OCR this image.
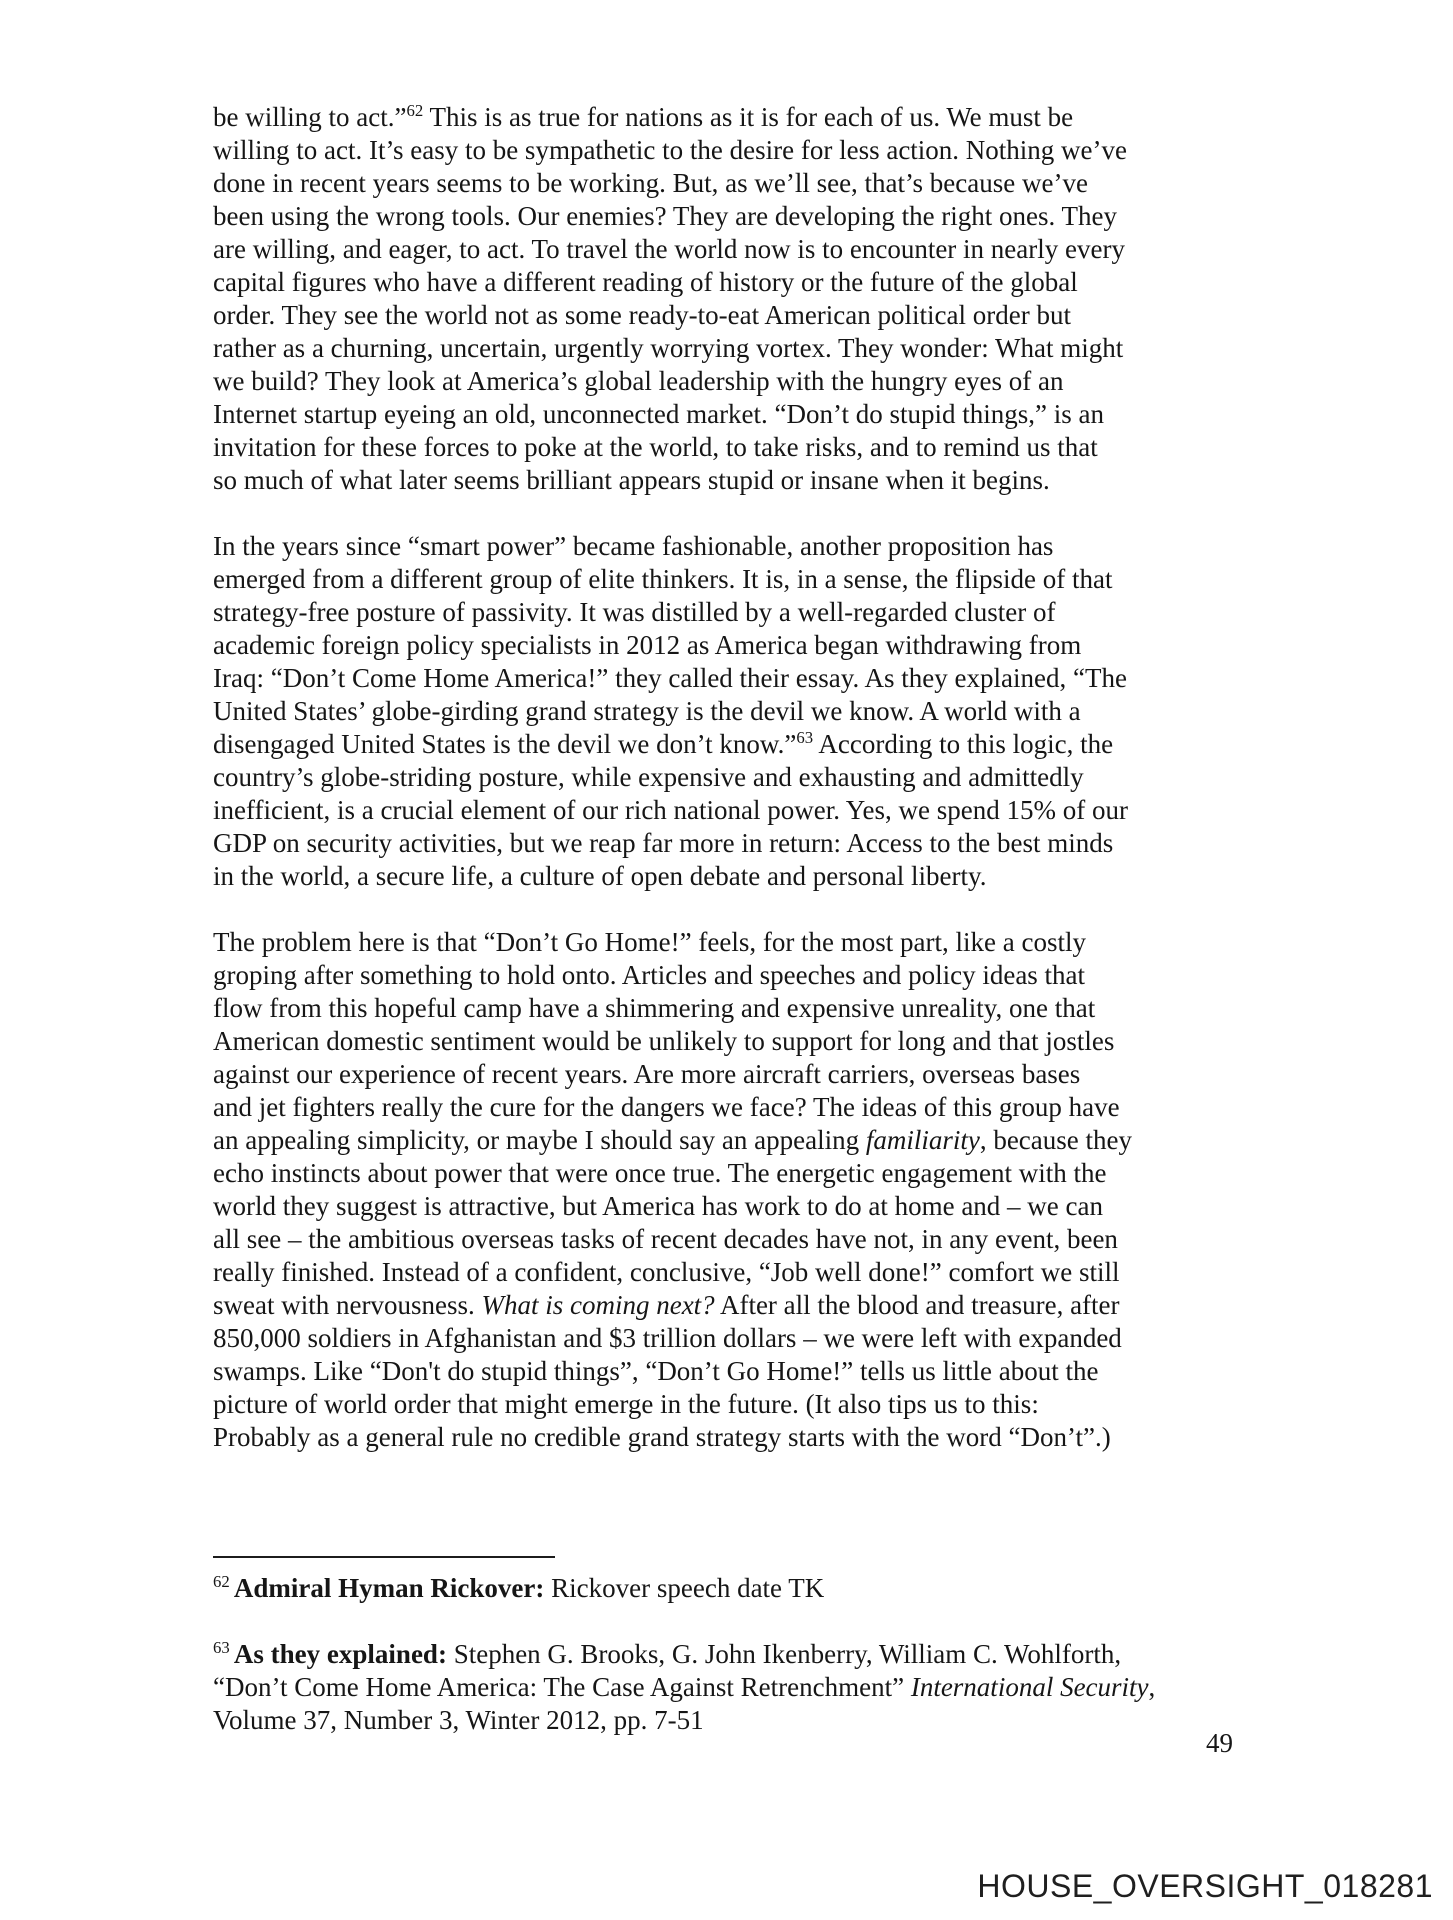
be willing to act.”$^{62}$ This is as true for nations as it is for each of us. We must be
willing to act. It’s easy to be sympathetic to the desire for less action. Nothing we’ve
done in recent years seems to be working. But, as we’ll see, that’s because we’ve
been using the wrong tools. Our enemies? They are developing the right ones. They
are willing, and eager, to act. To travel the world now is to encounter in nearly every
capital figures who have a different reading of history or the future of the global
order. They see the world not as some ready-to-eat American political order but
rather as a churning, uncertain, urgently worrying vortex. They wonder: What might
we build? They look at America’s global leadership with the hungry eyes of an
Internet startup eyeing an old, unconnected market. “Don’t do stupid things,” is an
invitation for these forces to poke at the world, to take risks, and to remind us that
so much of what later seems brilliant appears stupid or insane when it begins.
In the years since “smart power” became fashionable, another proposition has
emerged from a different group of elite thinkers. It is, in a sense, the flipside of that
strategy-free posture of passivity. It was distilled by a well-regarded cluster of
academic foreign policy specialists in 2012 as America began withdrawing from
Iraq: “Don’t Come Home America!” they called their essay. As they explained, “The
United States’ globe-girding grand strategy is the devil we know. A world with a
disengaged United States is the devil we don’t know.”$^{63}$ According to this logic, the
country’s globe-striding posture, while expensive and exhausting and admittedly
inefficient, is a crucial element of our rich national power. Yes, we spend 15% of our
GDP on security activities, but we reap far more in return: Access to the best minds
in the world, a secure life, a culture of open debate and personal liberty.
The problem here is that “Don’t Go Home!” feels, for the most part, like a costly
groping after something to hold onto. Articles and speeches and policy ideas that
flow from this hopeful camp have a shimmering and expensive unreality, one that
American domestic sentiment would be unlikely to support for long and that jostles
against our experience of recent years. Are more aircraft carriers, overseas bases
and jet fighters really the cure for the dangers we face? The ideas of this group have
an appealing simplicity, or maybe I should say an appealing familiarity, because they
echo instincts about power that were once true. The energetic engagement with the
world they suggest is attractive, but America has work to do at home and – we can
all see – the ambitious overseas tasks of recent decades have not, in any event, been
really finished. Instead of a confident, conclusive, “Job well done!” comfort we still
sweat with nervousness. What is coming next? After all the blood and treasure, after
850,000 soldiers in Afghanistan and $3 trillion dollars – we were left with expanded
swamps. Like “Don't do stupid things”, “Don’t Go Home!” tells us little about the
picture of world order that might emerge in the future. (It also tips us to this:
Probably as a general rule no credible grand strategy starts with the word “Don’t”.)
$^{62}$ Admiral Hyman Rickover: Rickover speech date TK
$^{63}$ As they explained: Stephen G. Brooks, G. John Ikenberry, William C. Wohlforth,
“Don’t Come Home America: The Case Against Retrenchment” International Security,
Volume 37, Number 3, Winter 2012, pp. 7-51
49
HOUSE_OVERSIGHT_018281
